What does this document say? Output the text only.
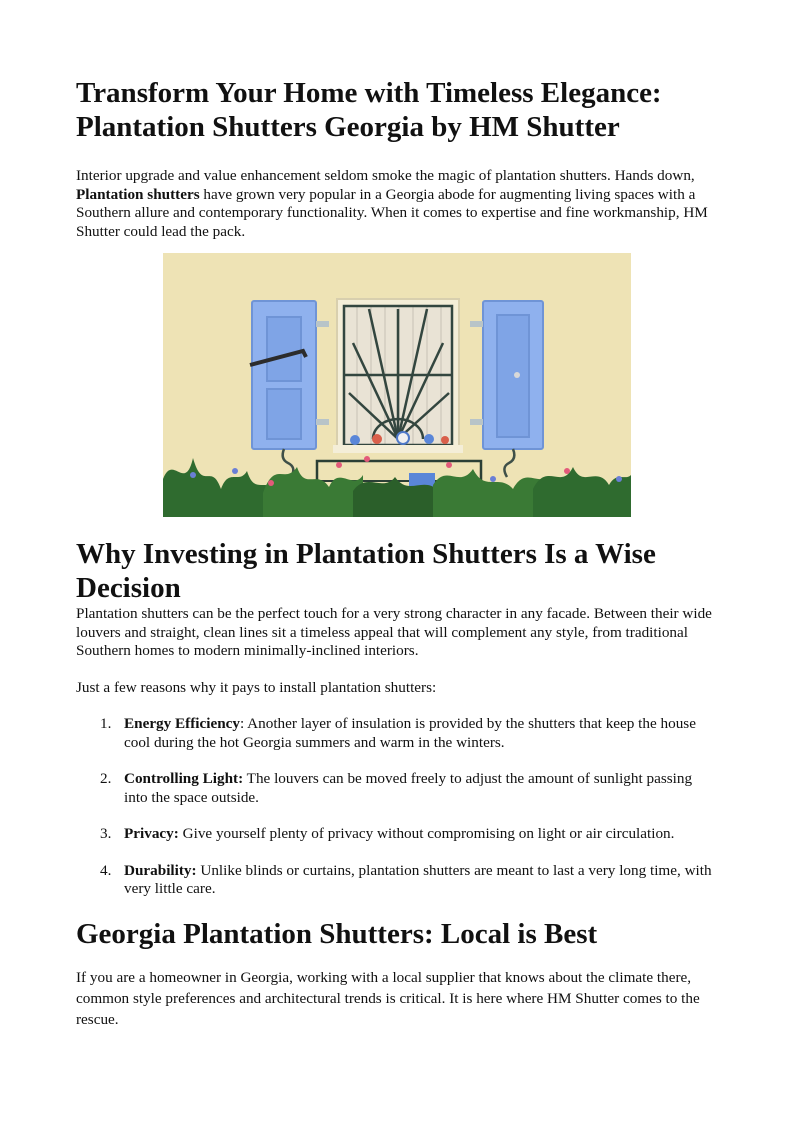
Transform Your Home with Timeless Elegance: Plantation Shutters Georgia by HM Shutter

Interior upgrade and value enhancement seldom smoke the magic of plantation shutters. Hands down, Plantation shutters have grown very popular in a Georgia abode for augmenting living spaces with a Southern allure and contemporary functionality. When it comes to expertise and fine workmanship, HM Shutter could lead the pack.

Why Investing in Plantation Shutters Is a Wise Decision

Plantation shutters can be the perfect touch for a very strong character in any facade. Between their wide louvers and straight, clean lines sit a timeless appeal that will complement any style, from traditional Southern homes to modern minimally-inclined interiors.

Just a few reasons why it pays to install plantation shutters:

1. Energy Efficiency: Another layer of insulation is provided by the shutters that keep the house cool during the hot Georgia summers and warm in the winters.
2. Controlling Light: The louvers can be moved freely to adjust the amount of sunlight passing into the space outside.
3. Privacy: Give yourself plenty of privacy without compromising on light or air circulation.
4. Durability: Unlike blinds or curtains, plantation shutters are meant to last a very long time, with very little care.
Georgia Plantation Shutters: Local is Best

If you are a homeowner in Georgia, working with a local supplier that knows about the climate there, common style preferences and architectural trends is critical. It is here where HM Shutter comes to the rescue.
